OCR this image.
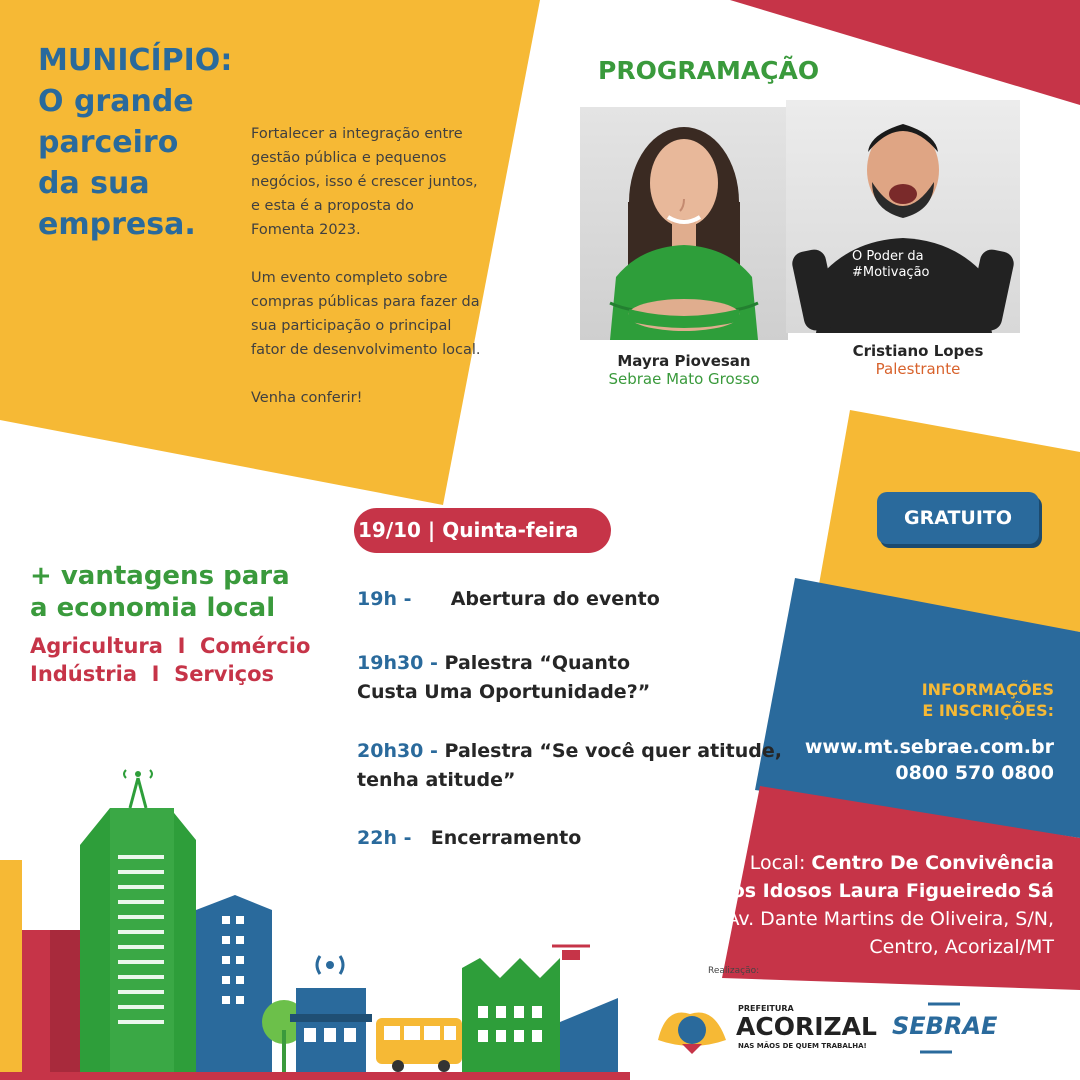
MUNICÍPIO:
O grande
parceiro
da sua
empresa.

Fortalecer a integração entre gestão pública e pequenos negócios, isso é crescer juntos, e esta é a proposta do Fomenta 2023.

Um evento completo sobre compras públicas para fazer da sua participação o principal fator de desenvolvimento local.

Venha conferir!

PROGRAMAÇÃO
O Poder da
#Motivação
Mayra Piovesan
Sebrae Mato Grosso
Cristiano Lopes
Palestrante
GRATUITO
19/10 | Quinta-feira
19h - Abertura do evento
19h30 - Palestra “Quanto
Custa Uma Oportunidade?”
20h30 - Palestra “Se você quer atitude,
tenha atitude”
22h - Encerramento
+ vantagens para
a economia local
Agricultura  I  Comércio
Indústria  I  Serviços
INFORMAÇÕES
E INSCRIÇÕES:
www.mt.sebrae.com.br
0800 570 0800
Local: Centro De Convivência
Dos Idosos Laura Figueiredo Sá
Av. Dante Martins de Oliveira, S/N,
Centro, Acorizal/MT
Realização:
PREFEITURA
ACORIZAL
NAS MÃOS DE QUEM TRABALHA!
SEBRAE
